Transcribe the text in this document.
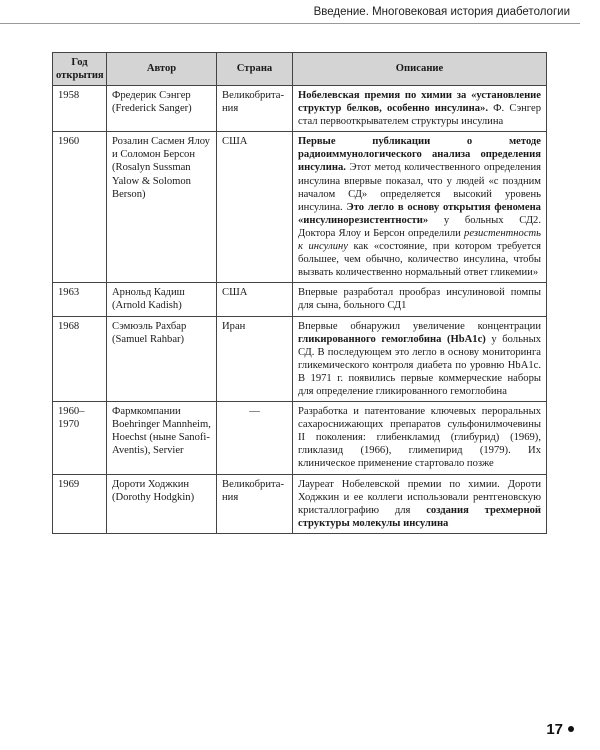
Введение. Многовековая история диабетологии
Год открытия	Автор	Страна	Описание
1958	Фредерик Сэнгер (Frederick Sanger)	Великобрита-ния	Нобелевская премия по химии за «установление структур белков, особенно инсулина». Ф. Сэнгер стал первооткрывателем структуры инсулина
1960	Розалин Сасмен Ялоу и Соломон Берсон (Rosalyn Sussman Yalow & Solomon Berson)	США	Первые публикации о методе радиоиммунологического анализа определения инсулина. Этот метод количественного определения инсулина впервые показал, что у людей «с поздним началом СД» определяется высокий уровень инсулина. Это легло в основу открытия феномена «инсулинорезистентности» у больных СД2. Доктора Ялоу и Берсон определили резистентность к инсулину как «состояние, при котором требуется большее, чем обычно, количество инсулина, чтобы вызвать количественно нормальный ответ гликемии»
1963	Арнольд Кадиш (Arnold Kadish)	США	Впервые разработал прообраз инсулиновой помпы для сына, больного СД1
1968	Сэмюэль Рахбар (Samuel Rahbar)	Иран	Впервые обнаружил увеличение концентрации гликированного гемоглобина (HbA1c) у больных СД. В последующем это легло в основу мониторинга гликемического контроля диабета по уровню HbA1c. В 1971 г. появились первые коммерческие наборы для определение гликированного гемоглобина
1960–1970	Фармкомпании Boehringer Mannheim, Hoechst (ныне Sanofi-Aventis), Servier	—	Разработка и патентование ключевых пероральных сахароснижающих препаратов сульфонилмочевины II поколения: глибенкламид (глибурид) (1969), гликлазид (1966), глимепирид (1979). Их клиническое применение стартовало позже
1969	Дороти Ходжкин (Dorothy Hodgkin)	Великобрита-ния	Лауреат Нобелевской премии по химии. Дороти Ходжкин и ее коллеги использовали рентгеновскую кристаллографию для создания трехмерной структуры молекулы инсулина
17
